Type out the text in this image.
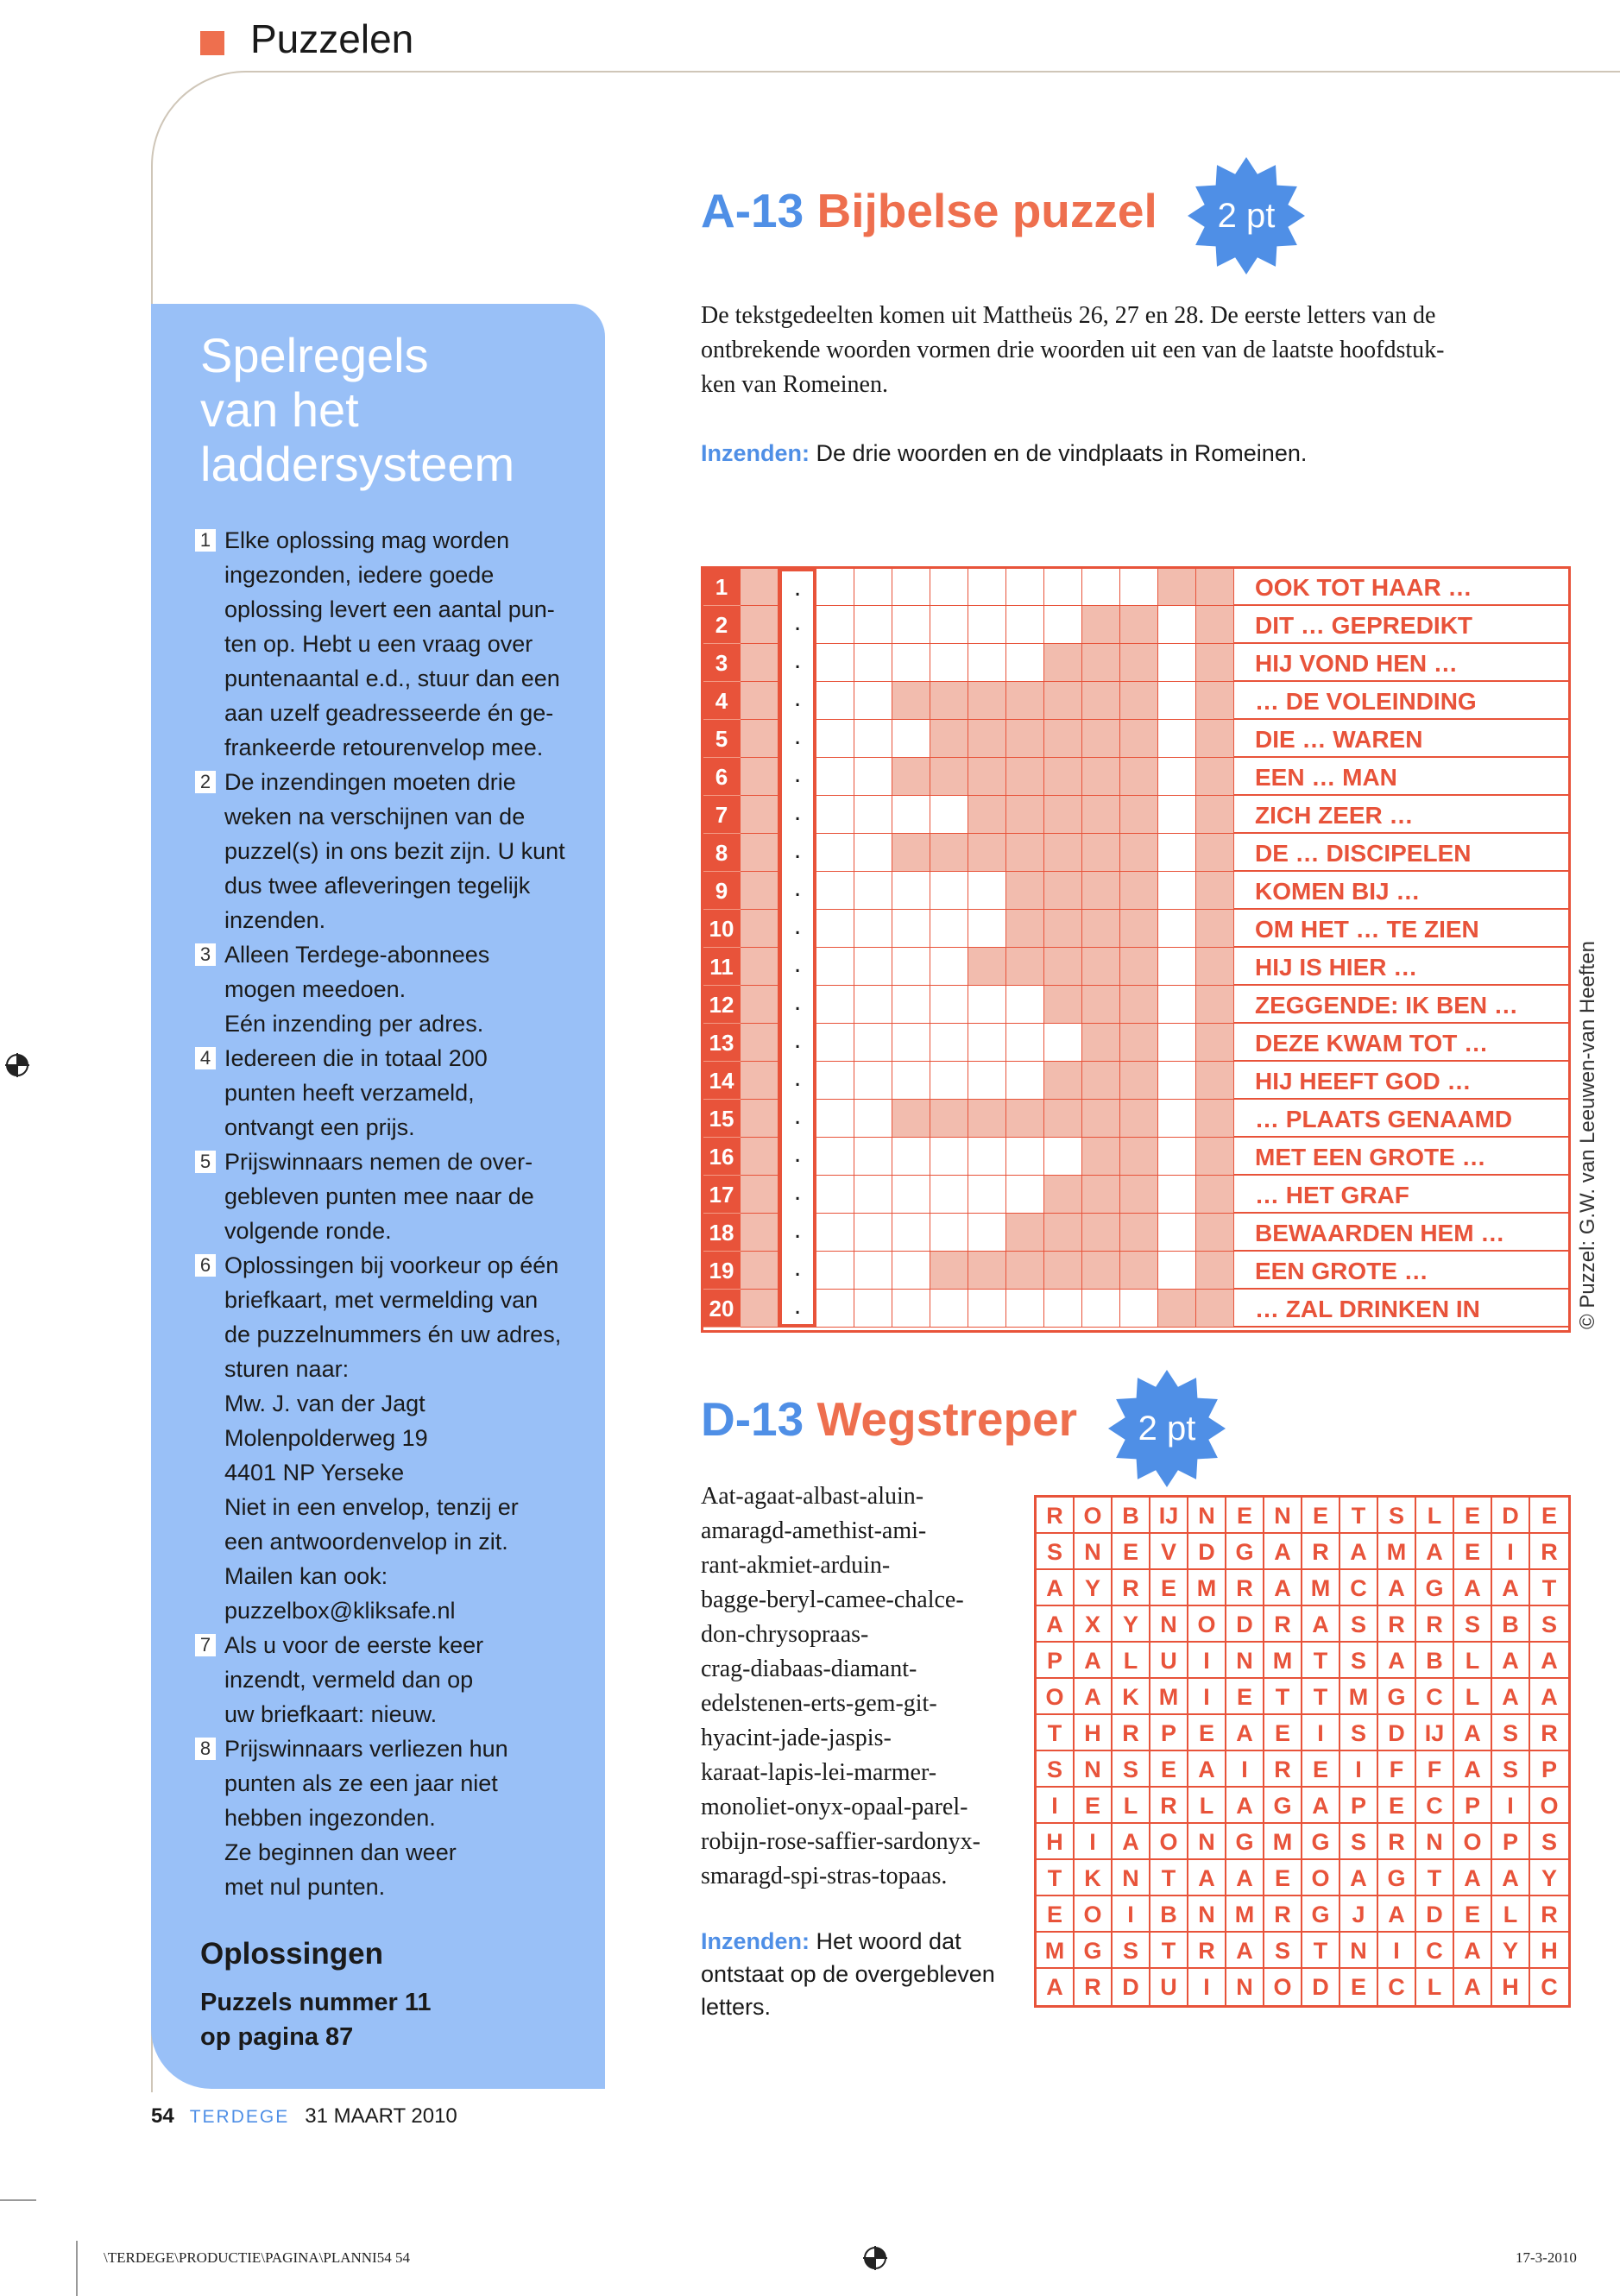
Puzzelen
Spelregels
van het
laddersysteem
1 Elke oplossing mag worden
ingezonden, iedere goede
oplossing levert een aantal pun-
ten op. Hebt u een vraag over
puntenaantal e.d., stuur dan een
aan uzelf geadresseerde én ge-
frankeerde retourenvelop mee.
2 De inzendingen moeten drie
weken na verschijnen van de
puzzel(s) in ons bezit zijn. U kunt
dus twee afleveringen tegelijk
inzenden.
3 Alleen Terdege-abonnees
mogen meedoen.
Eén inzending per adres.
4 Iedereen die in totaal 200
punten heeft verzameld,
ontvangt een prijs.
5 Prijswinnaars nemen de over-
gebleven punten mee naar de
volgende ronde.
6 Oplossingen bij voorkeur op één
briefkaart, met vermelding van
de puzzelnummers én uw adres,
sturen naar:
Mw. J. van der Jagt
Molenpolderweg 19
4401 NP Yerseke
Niet in een envelop, tenzij er
een antwoordenvelop in zit.
Mailen kan ook:
puzzelbox@kliksafe.nl
7 Als u voor de eerste keer
inzendt, vermeld dan op
uw briefkaart: nieuw.
8 Prijswinnaars verliezen hun
punten als ze een jaar niet
hebben ingezonden.
Ze beginnen dan weer
met nul punten.
Oplossingen
Puzzels nummer 11
op pagina 87
A-13 Bijbelse puzzel	2 pt
De tekstgedeelten komen uit Mattheüs 26, 27 en 28. De eerste letters van de
ontbrekende woorden vormen drie woorden uit een van de laatste hoofdstuk-
ken van Romeinen.
Inzenden: De drie woorden en de vindplaats in Romeinen.
1	.	OOK TOT HAAR …
2	.	DIT … GEPREDIKT
3	.	HIJ VOND HEN …
4	.	… DE VOLEINDING
5	.	DIE … WAREN
6	.	EEN … MAN
7	.	ZICH ZEER …
8	.	DE … DISCIPELEN
9	.	KOMEN BIJ …
10	.	OM HET … TE ZIEN
11	.	HIJ IS HIER …
12	.	ZEGGENDE: IK BEN …
13	.	DEZE KWAM TOT …
14	.	HIJ HEEFT GOD …
15	.	… PLAATS GENAAMD
16	.	MET EEN GROTE …
17	.	… HET GRAF
18	.	BEWAARDEN HEM …
19	.	EEN GROTE …
20	.	… ZAL DRINKEN IN
D-13 Wegstreper	2 pt
Aat-agaat-albast-aluin-
amaragd-amethist-ami-
rant-akmiet-arduin-
bagge-beryl-camee-chalce-
don-chrysopraas-
crag-diabaas-diamant-
edelstenen-erts-gem-git-
hyacint-jade-jaspis-
karaat-lapis-lei-marmer-
monoliet-onyx-opaal-parel-
robijn-rose-saffier-sardonyx-
smaragd-spi-stras-topaas.
Inzenden: Het woord dat
ontstaat op de overgebleven
letters.
R O B IJ N E N E T S L E D E
S N E V D G A R A M A E	I	R
A Y R E M R A M C A G A A	T
A X Y N O D R A S R R S B S
P A L U	I	N M T S A B L A A
O A K M	I	E T	T M G C L A A
T H R P E A E	I	S D IJ A S R
S N S E A	I	R E	I	F	F A S P
I	E L R L A G A P E C P	I	O
H	I	A O N G M G S R N O P S
T K N T A A E O A G T A A Y
E O	I	B N M R G J A D E L	R
M G S T R A S T N	I	C A Y H
A R D U	I	N O D E C L A H C
© Puzzel: G.W. van Leeuwen-van Heeften
54 TERDEGE 31 MAART 2010
\TERDEGE\PRODUCTIE\PAGINA\PLANNI54 54	17-3-2010
